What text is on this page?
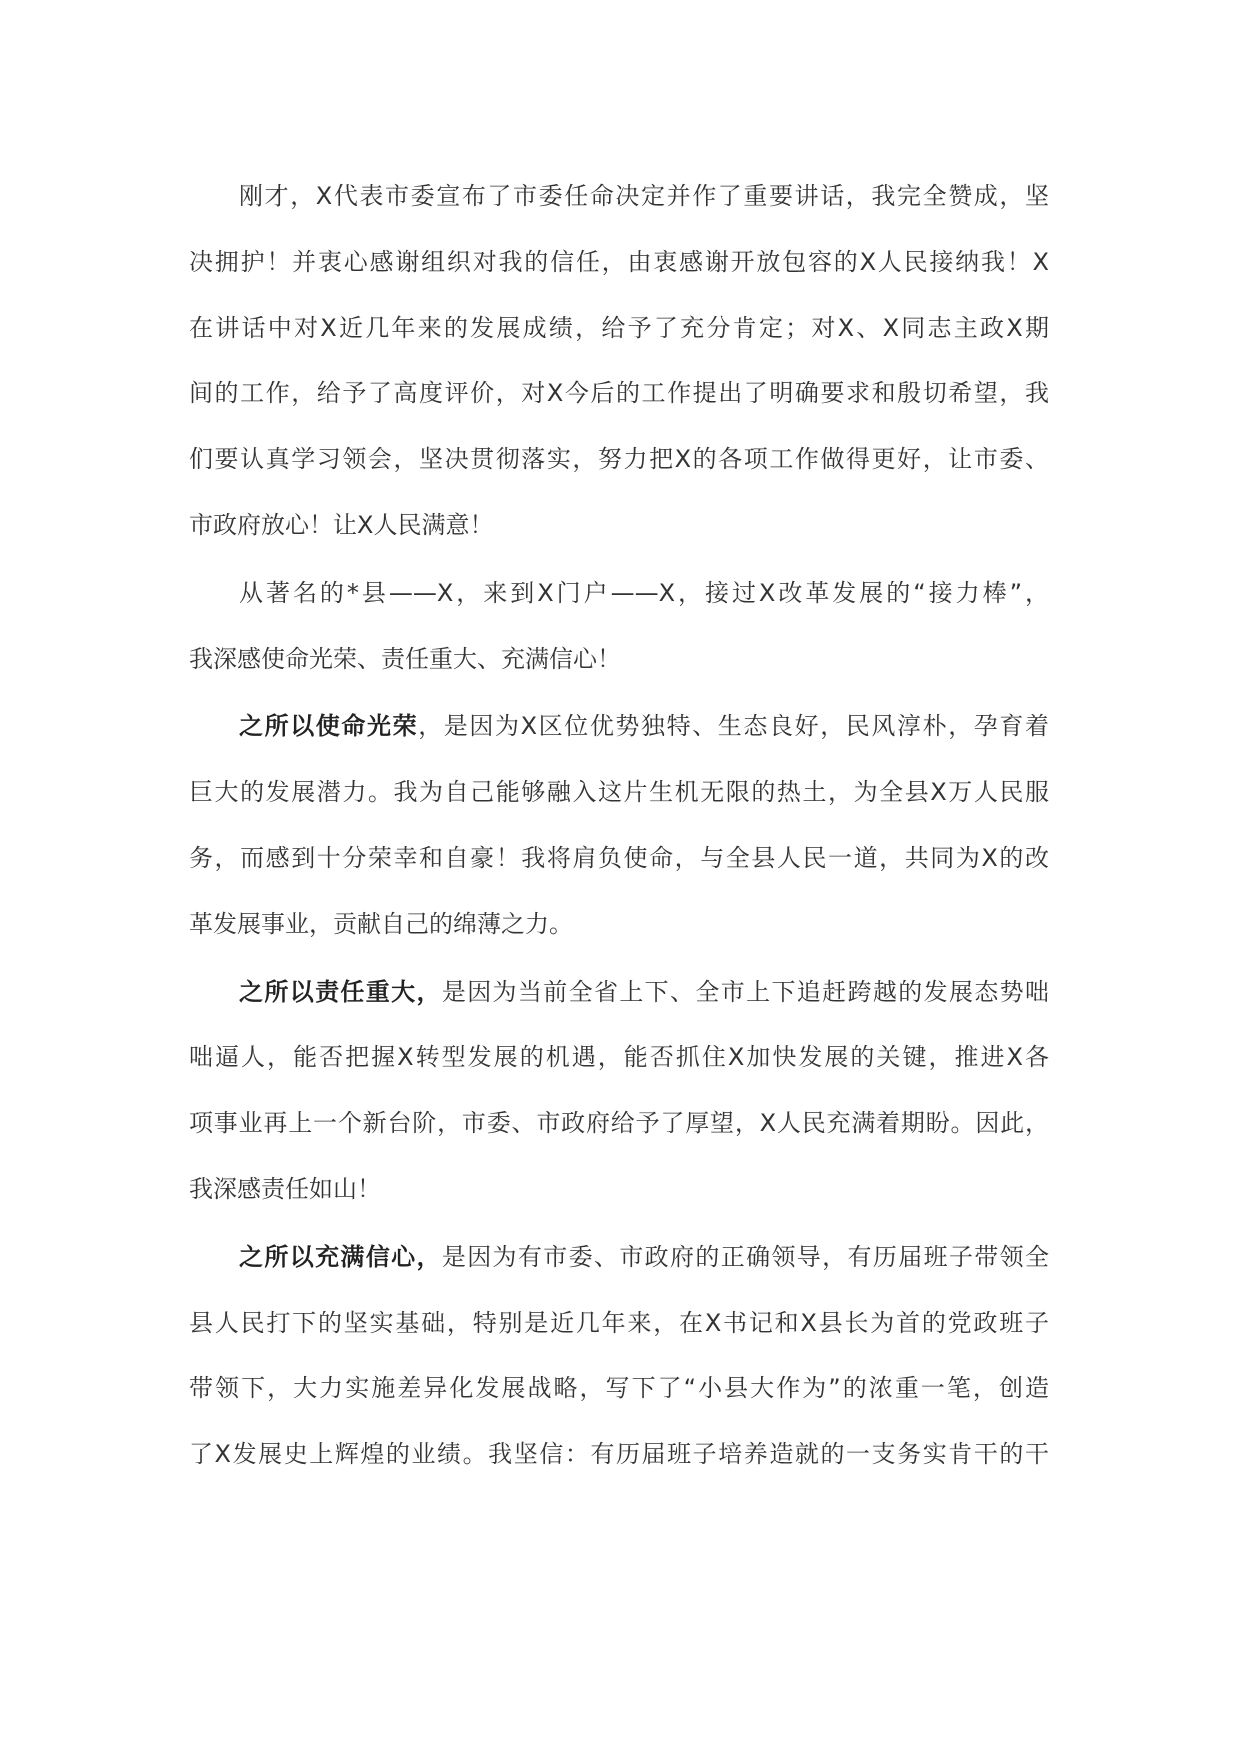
刚才，X代表市委宣布了市委任命决定并作了重要讲话，我完全赞成，坚
决拥护！并衷心感谢组织对我的信任，由衷感谢开放包容的X人民接纳我！X
在讲话中对X近几年来的发展成绩，给予了充分肯定；对X、X同志主政X期
间的工作，给予了高度评价，对X今后的工作提出了明确要求和殷切希望，我
们要认真学习领会，坚决贯彻落实，努力把X的各项工作做得更好，让市委、
市政府放心！让X人民满意！
从著名的*县——X，来到X门户——X，接过X改革发展的“接力棒”，
我深感使命光荣、责任重大、充满信心！
之所以使命光荣，是因为X区位优势独特、生态良好，民风淳朴，孕育着
巨大的发展潜力。我为自己能够融入这片生机无限的热土，为全县X万人民服
务，而感到十分荣幸和自豪！我将肩负使命，与全县人民一道，共同为X的改
革发展事业，贡献自己的绵薄之力。
之所以责任重大，是因为当前全省上下、全市上下追赶跨越的发展态势咄
咄逼人，能否把握X转型发展的机遇，能否抓住X加快发展的关键，推进X各
项事业再上一个新台阶，市委、市政府给予了厚望，X人民充满着期盼。因此，
我深感责任如山！
之所以充满信心，是因为有市委、市政府的正确领导，有历届班子带领全
县人民打下的坚实基础，特别是近几年来，在X书记和X县长为首的党政班子
带领下，大力实施差异化发展战略，写下了“小县大作为”的浓重一笔，创造
了X发展史上辉煌的业绩。我坚信：有历届班子培养造就的一支务实肯干的干
